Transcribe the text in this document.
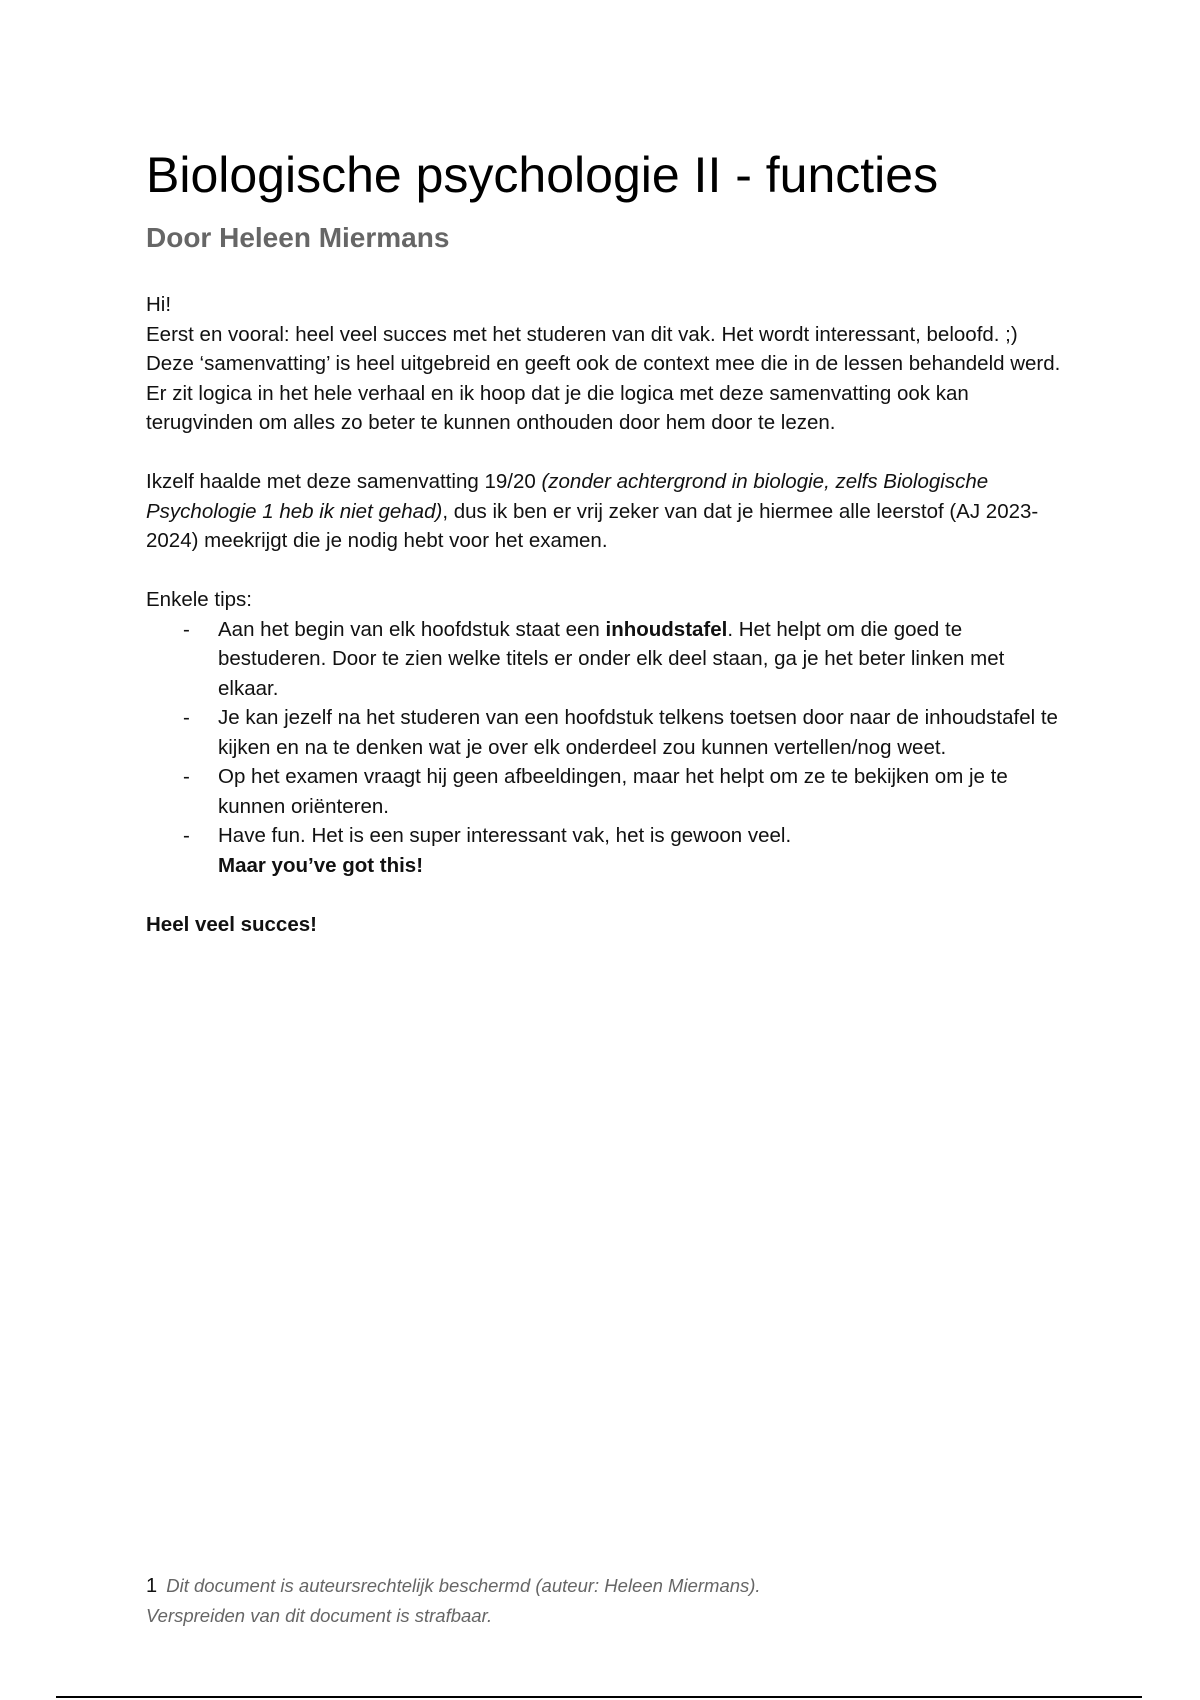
Biologische psychologie II - functies
Door Heleen Miermans

Hi!

Eerst en vooral: heel veel succes met het studeren van dit vak. Het wordt interessant, beloofd. ;) Deze ‘samenvatting’ is heel uitgebreid en geeft ook de context mee die in de lessen behandeld werd. Er zit logica in het hele verhaal en ik hoop dat je die logica met deze samenvatting ook kan terugvinden om alles zo beter te kunnen onthouden door hem door te lezen.

Ikzelf haalde met deze samenvatting 19/20 (zonder achtergrond in biologie, zelfs Biologische Psychologie 1 heb ik niet gehad), dus ik ben er vrij zeker van dat je hiermee alle leerstof (AJ 2023-2024) meekrijgt die je nodig hebt voor het examen.

Enkele tips:

- Aan het begin van elk hoofdstuk staat een inhoudstafel. Het helpt om die goed te bestuderen. Door te zien welke titels er onder elk deel staan, ga je het beter linken met elkaar.
- Je kan jezelf na het studeren van een hoofdstuk telkens toetsen door naar de inhoudstafel te kijken en na te denken wat je over elk onderdeel zou kunnen vertellen/nog weet.
- Op het examen vraagt hij geen afbeeldingen, maar het helpt om ze te bekijken om je te kunnen oriënteren.
- Have fun. Het is een super interessant vak, het is gewoon veel.
Maar you’ve got this!

Heel veel succes!

1 Dit document is auteursrechtelijk beschermd (auteur: Heleen Miermans).
Verspreiden van dit document is strafbaar.
